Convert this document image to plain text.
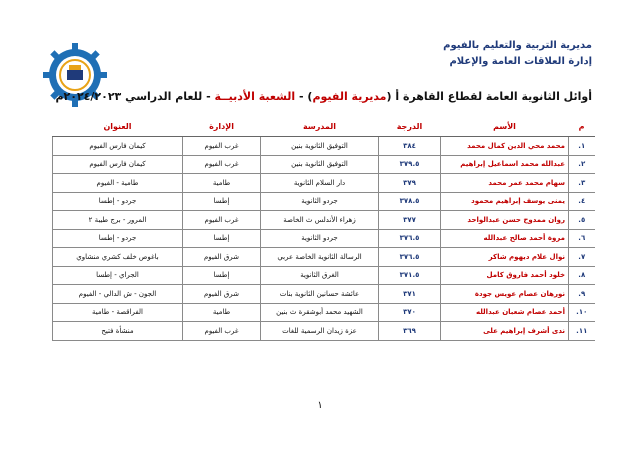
مديرية التربية والتعليم بالفيوم
إدارة العلاقات العامة والإعلام
أوائل الثانوية العامة لقطاع القاهرة أ (مديرية الفيوم) - الشعبة الأدبيــة - للعام الدراسي ٢٠٢٤/٢٠٢٣م
م	الأسم	الدرجة	المدرسة	الإدارة	العنوان
١.	محمد محي الدين كمال محمد	٣٨٤	التوفيق الثانوية بنين	غرب الفيوم	كيمان فارس الفيوم
٢.	عبدالله محمد اسماعيل إبراهيم	٣٧٩.٥	التوفيق الثانوية بنين	غرب الفيوم	كيمان فارس الفيوم
٣.	سهام محمد عمر محمد	٣٧٩	دار السلام الثانوية	طامية	طامية - الفيوم
٤.	يمنى يوسف إبراهيم محمود	٣٧٨.٥	جردو الثانوية	إطسا	جردو - إطسا
٥.	روان ممدوح حسن عبدالواحد	٣٧٧	زهراء الأندلس ث الخاصة	غرب الفيوم	المرور - برج طيبة ٢
٦.	مروة أحمد صالح عبدالله	٣٧٦.٥	جردو الثانوية	إطسا	جردو - إطسا
٧.	نوال علام ديهوم شاكر	٣٧٦.٥	الرسالة الثانوية الخاصة عربي	شرق الفيوم	باغوص خلف كشري منشاوي
٨.	خلود أحمد فاروق كامل	٣٧١.٥	الغرق الثانوية	إطسا	الجراي - إطسا
٩.	نورهان عصام عويس جودة	٣٧١	عائشة حسانين الثانوية بنات	شرق الفيوم	الجون - ش الدالي - الفيوم
١٠.	أحمد عصام شعبان عبدالله	٣٧٠	الشهيد محمد أبوشقرة ث بنين	طامية	الفراقصة - طامية
١١.	ندى أشرف إبراهيم على	٣٦٩	عزة زيدان الرسمية للغات	غرب الفيوم	منشأة فتيح
١
